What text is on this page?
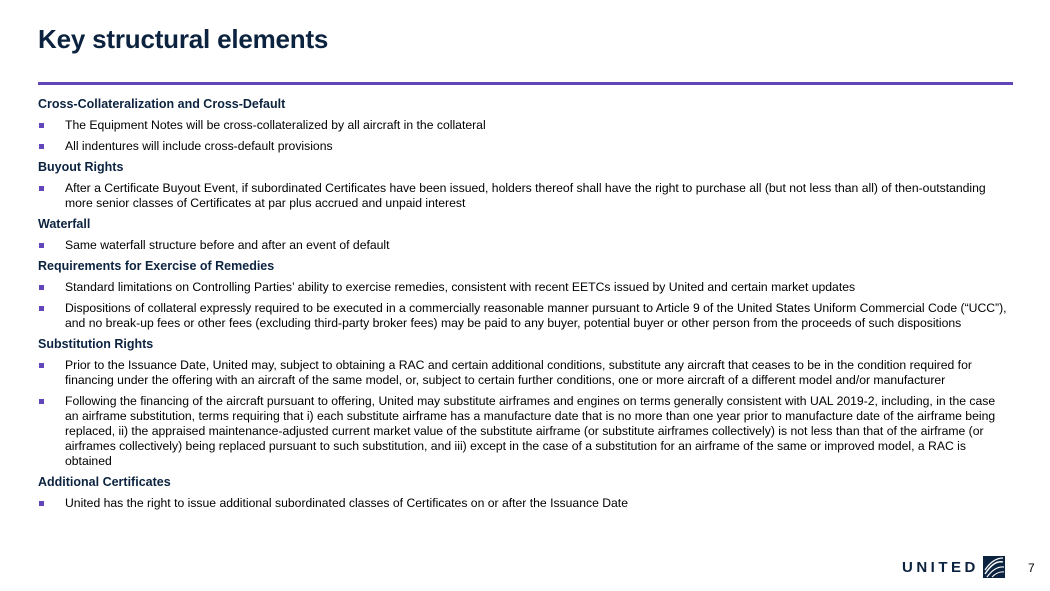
Key structural elements
Cross-Collateralization and Cross-Default
The Equipment Notes will be cross-collateralized by all aircraft in the collateral
All indentures will include cross-default provisions
Buyout Rights
After a Certificate Buyout Event, if subordinated Certificates have been issued, holders thereof shall have the right to purchase all (but not less than all) of then-outstanding more senior classes of Certificates at par plus accrued and unpaid interest
Waterfall
Same waterfall structure before and after an event of default
Requirements for Exercise of Remedies
Standard limitations on Controlling Parties’ ability to exercise remedies, consistent with recent EETCs issued by United and certain market updates
Dispositions of collateral expressly required to be executed in a commercially reasonable manner pursuant to Article 9 of the United States Uniform Commercial Code (“UCC”), and no break-up fees or other fees (excluding third-party broker fees) may be paid to any buyer, potential buyer or other person from the proceeds of such dispositions
Substitution Rights
Prior to the Issuance Date, United may, subject to obtaining a RAC and certain additional conditions, substitute any aircraft that ceases to be in the condition required for financing under the offering with an aircraft of the same model, or, subject to certain further conditions, one or more aircraft of a different model and/or manufacturer
Following the financing of the aircraft pursuant to offering, United may substitute airframes and engines on terms generally consistent with UAL 2019-2, including, in the case an airframe substitution, terms requiring that i) each substitute airframe has a manufacture date that is no more than one year prior to manufacture date of the airframe being replaced, ii) the appraised maintenance-adjusted current market value of the substitute airframe (or substitute airframes collectively) is not less than that of the airframe (or airframes collectively) being replaced pursuant to such substitution, and iii) except in the case of a substitution for an airframe of the same or improved model, a RAC is obtained
Additional Certificates
United has the right to issue additional subordinated classes of Certificates on or after the Issuance Date
UNITED	7
